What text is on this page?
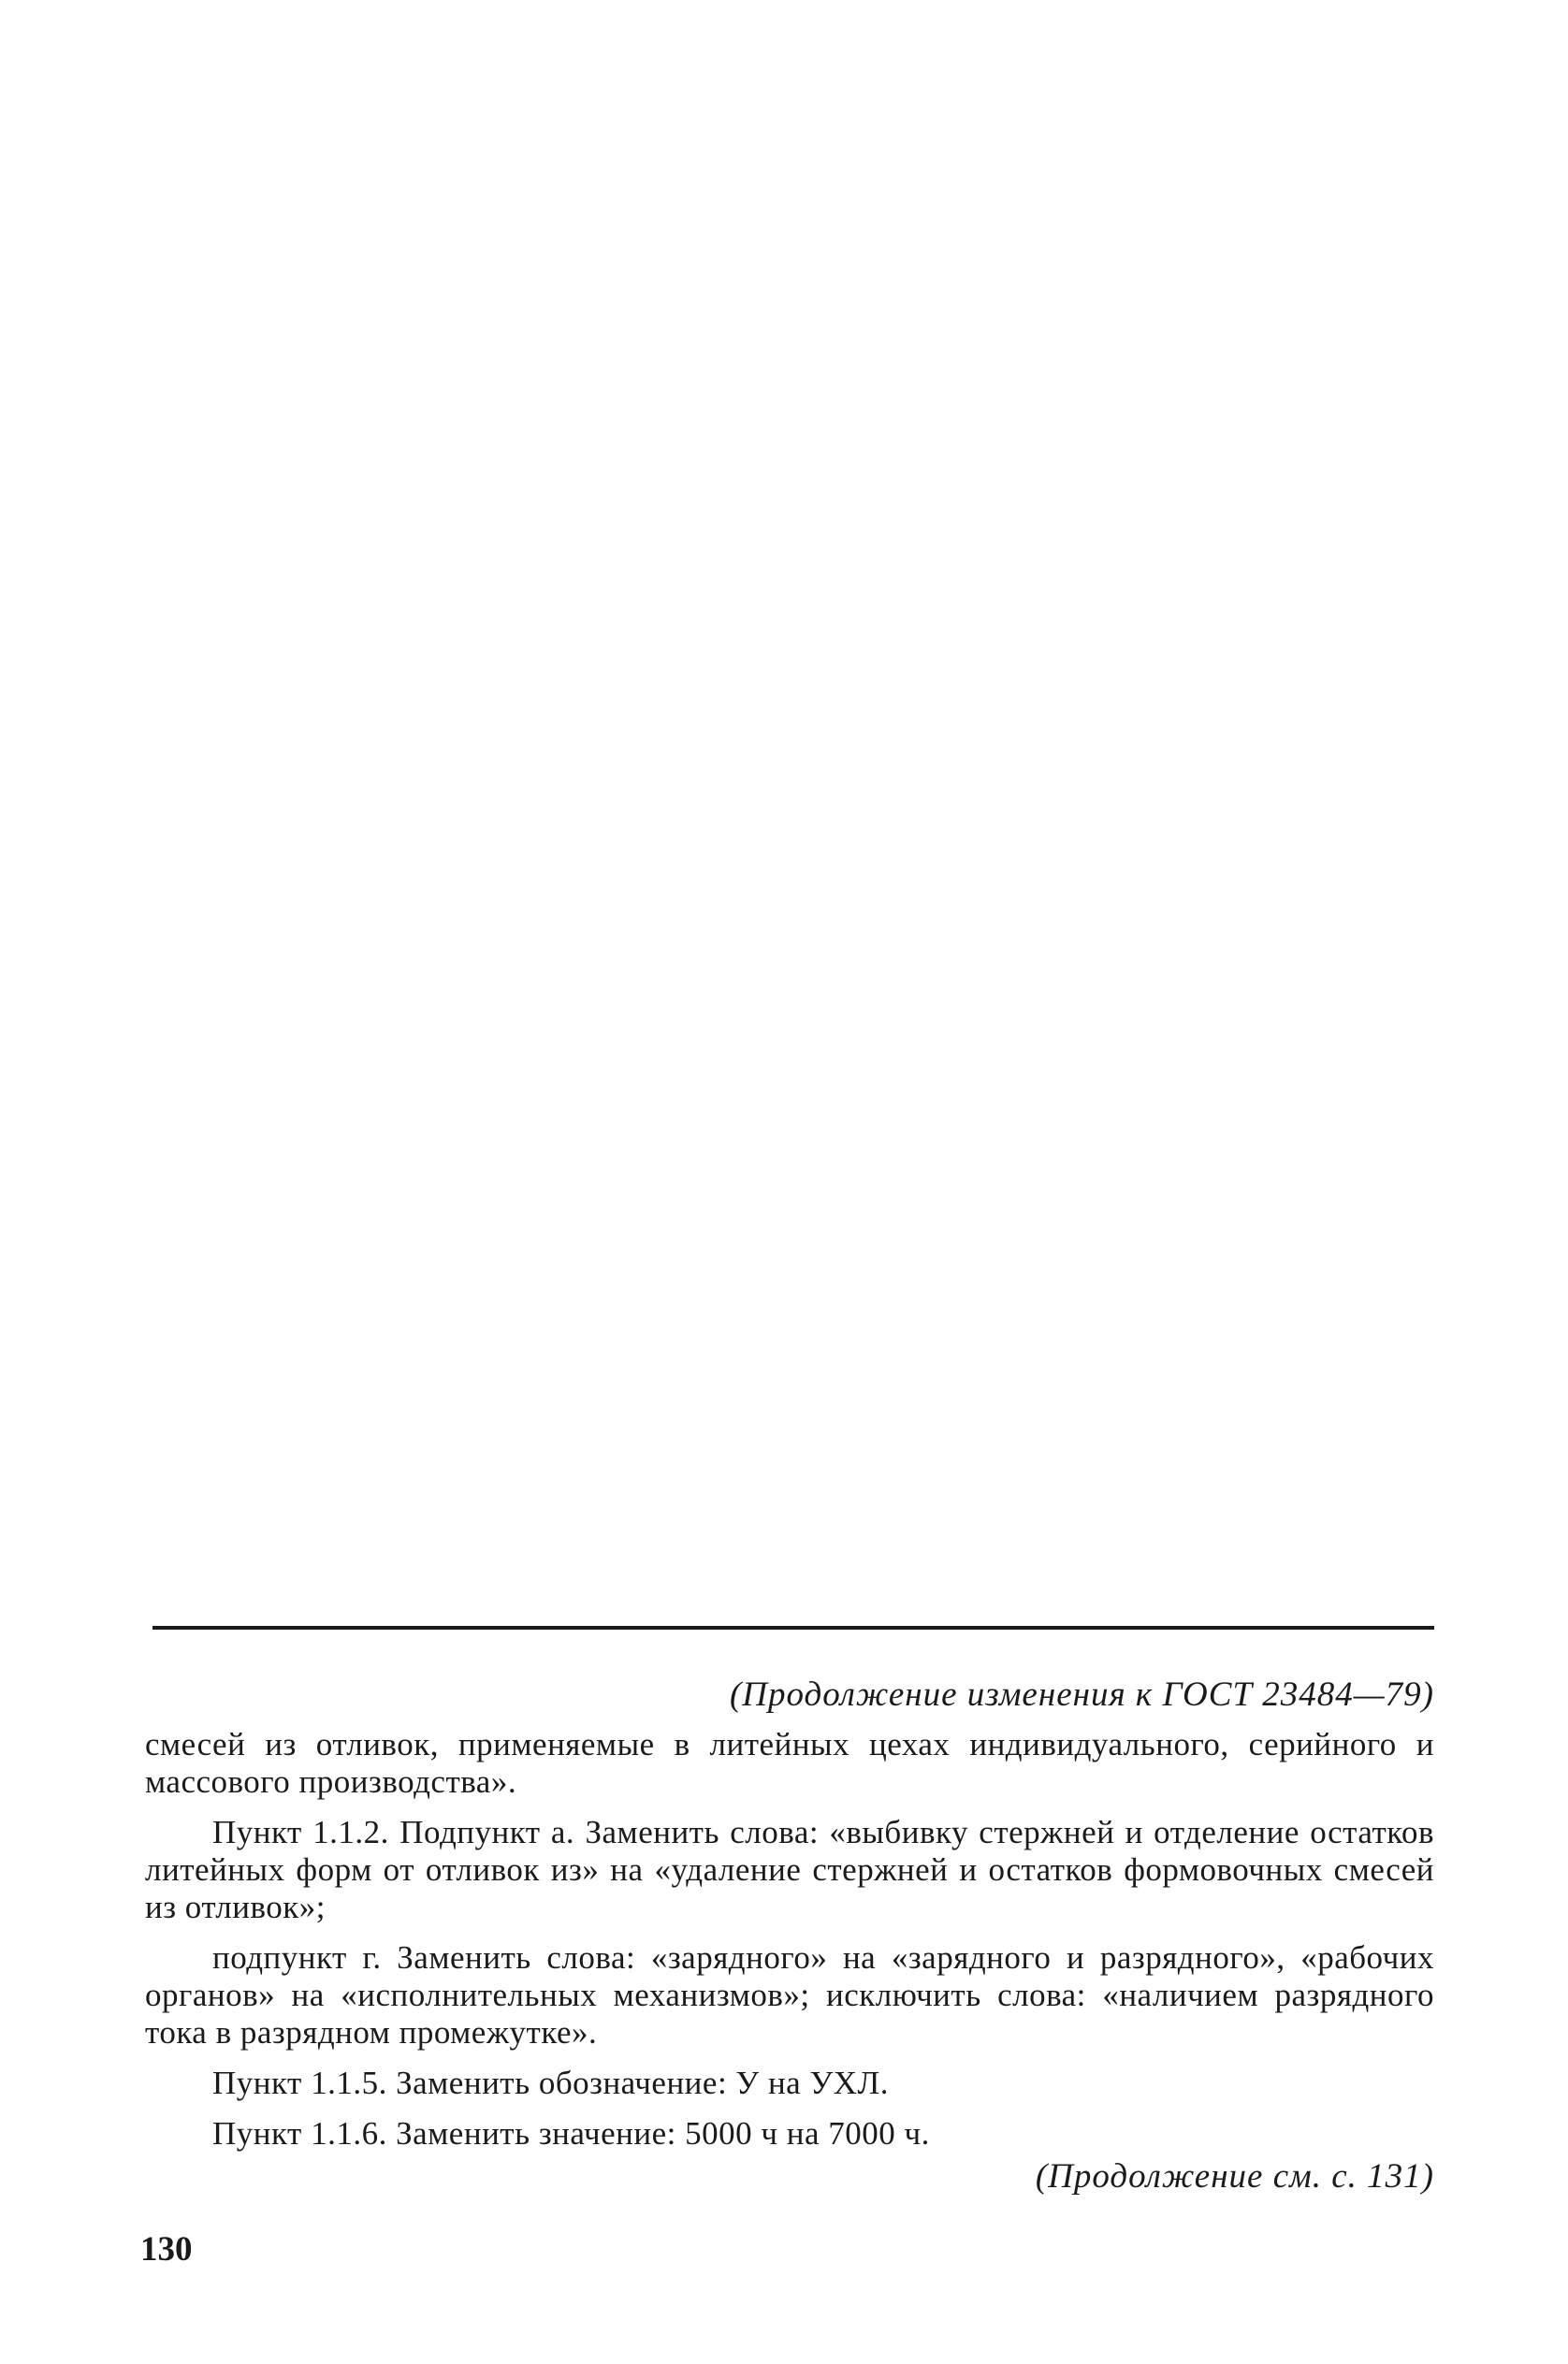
(Продолжение изменения к ГОСТ 23484—79)

смесей из отливок, применяемые в литейных цехах индивидуального, серийного и массового производства».

Пункт 1.1.2. Подпункт а. Заменить слова: «выбивку стержней и отделение остатков литейных форм от отливок из» на «удаление стержней и остатков формовочных смесей из отливок»;

подпункт г. Заменить слова: «зарядного» на «зарядного и разрядного», «рабочих органов» на «исполнительных механизмов»; исключить слова: «наличием разрядного тока в разрядном промежутке».

Пункт 1.1.5. Заменить обозначение: У на УХЛ.

Пункт 1.1.6. Заменить значение: 5000 ч на 7000 ч.

(Продолжение см. с. 131)
130
